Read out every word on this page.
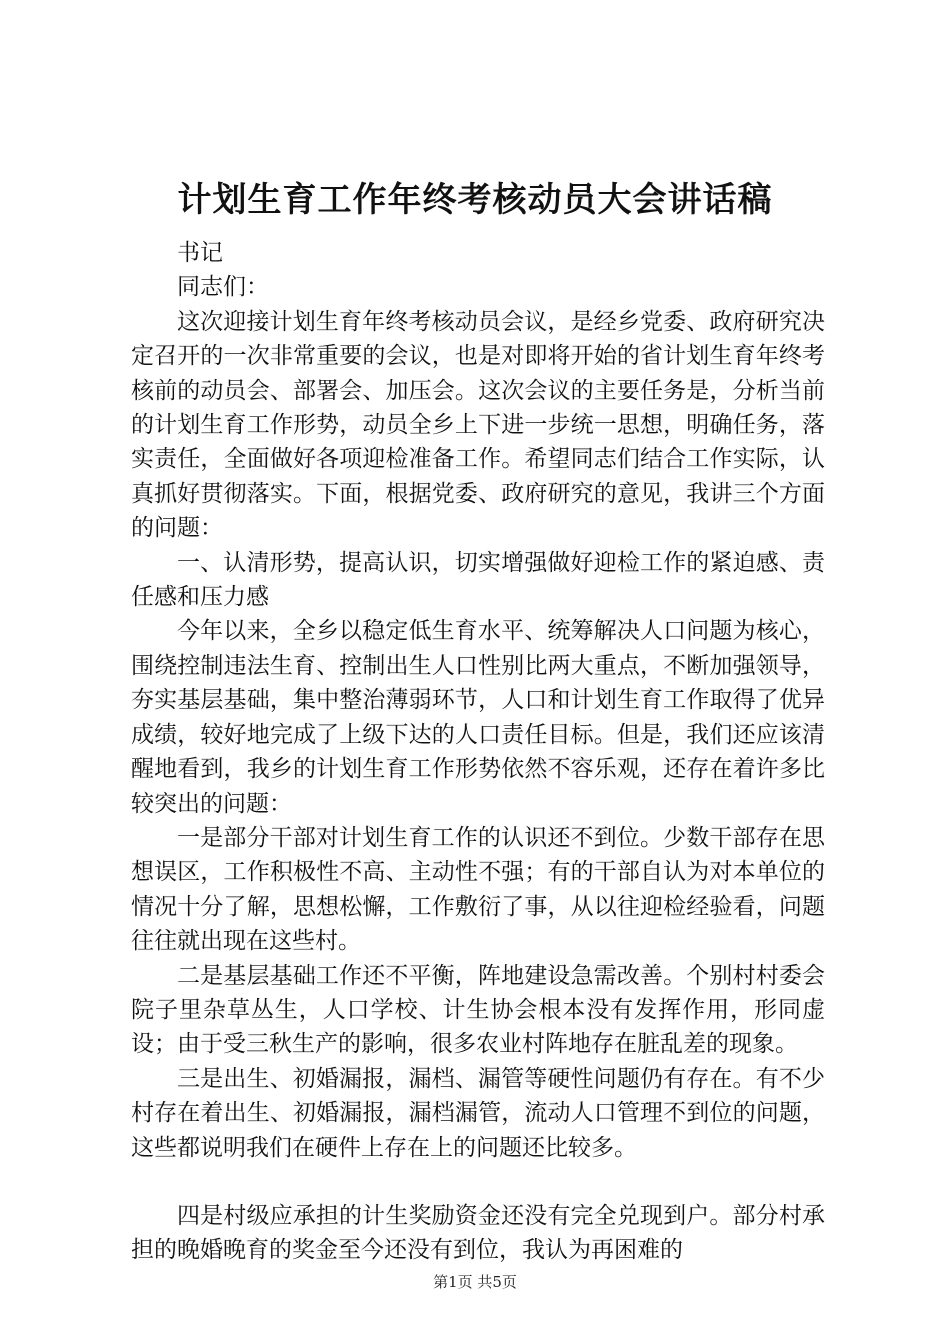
计划生育工作年终考核动员大会讲话稿

书记

同志们：

这次迎接计划生育年终考核动员会议，是经乡党委、政府研究决定召开的一次非常重要的会议，也是对即将开始的省计划生育年终考核前的动员会、部署会、加压会。这次会议的主要任务是，分析当前的计划生育工作形势，动员全乡上下进一步统一思想，明确任务，落实责任，全面做好各项迎检准备工作。希望同志们结合工作实际，认真抓好贯彻落实。下面，根据党委、政府研究的意见，我讲三个方面的问题：

一、认清形势，提高认识，切实增强做好迎检工作的紧迫感、责任感和压力感

今年以来，全乡以稳定低生育水平、统筹解决人口问题为核心，围绕控制违法生育、控制出生人口性别比两大重点，不断加强领导，夯实基层基础，集中整治薄弱环节，人口和计划生育工作取得了优异成绩，较好地完成了上级下达的人口责任目标。但是，我们还应该清醒地看到，我乡的计划生育工作形势依然不容乐观，还存在着许多比较突出的问题：

一是部分干部对计划生育工作的认识还不到位。少数干部存在思想误区，工作积极性不高、主动性不强；有的干部自认为对本单位的情况十分了解，思想松懈，工作敷衍了事，从以往迎检经验看，问题往往就出现在这些村。

二是基层基础工作还不平衡，阵地建设急需改善。个别村村委会院子里杂草丛生，人口学校、计生协会根本没有发挥作用，形同虚设；由于受三秋生产的影响，很多农业村阵地存在脏乱差的现象。

三是出生、初婚漏报，漏档、漏管等硬性问题仍有存在。有不少村存在着出生、初婚漏报，漏档漏管，流动人口管理不到位的问题，这些都说明我们在硬件上存在上的问题还比较多。

四是村级应承担的计生奖励资金还没有完全兑现到户。部分村承担的晚婚晚育的奖金至今还没有到位，我认为再困难的

第1页 共5页
